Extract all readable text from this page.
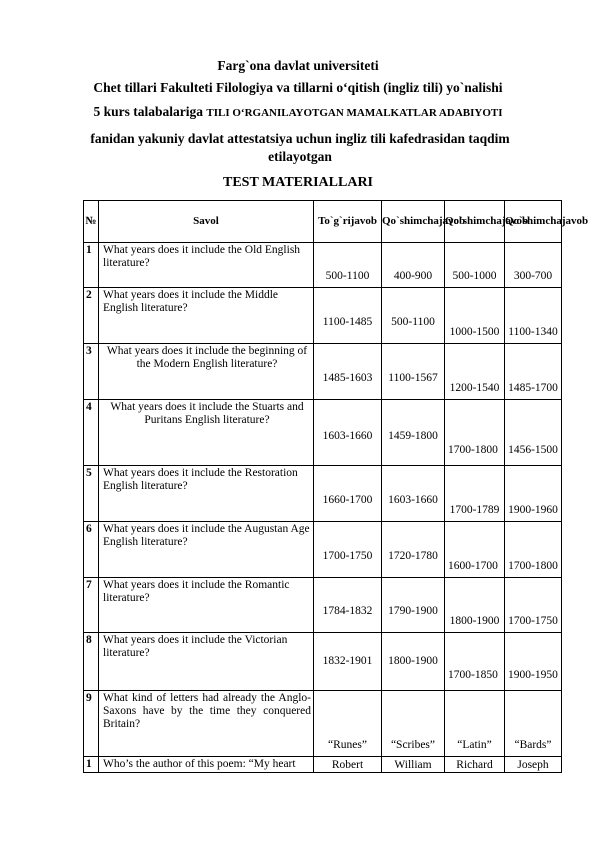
Farg`ona davlat universiteti
Chet tillari Fakulteti Filologiya va tillarni o‘qitish (ingliz tili) yo`nalishi
5 kurs talabalariga TILI O‘RGANILAYOTGAN MAMALKATLAR ADABIYOTI
fanidan yakuniy davlat attestatsiya uchun ingliz tili kafedrasidan taqdim etilayotgan
TEST MATERIALLARI
№	Savol	To`g`rijavob	Qo`shimchajavob	Qo`shimchajavob	Qo`shimchajavob
1	What years does it include the Old English literature?	500-1100	400-900	500-1000	300-700
2	What years does it include the Middle English literature?	1100-1485	500-1100	1000-1500	1100-1340
3	What years does it include the beginning of the Modern English literature?	1485-1603	1100-1567	1200-1540	1485-1700
4	What years does it include the Stuarts and Puritans English literature?	1603-1660	1459-1800	1700-1800	1456-1500
5	What years does it include the Restoration English literature?	1660-1700	1603-1660	1700-1789	1900-1960
6	What years does it include the Augustan Age English literature?	1700-1750	1720-1780	1600-1700	1700-1800
7	What years does it include the Romantic literature?	1784-1832	1790-1900	1800-1900	1700-1750
8	What years does it include the Victorian literature?	1832-1901	1800-1900	1700-1850	1900-1950
9	What kind of letters had already the Anglo- Saxons have by the time they conquered Britain?	“Runes”	“Scribes”	“Latin”	“Bards”
1	Who’s the author of this poem: “My heart	Robert	William	Richard	Joseph
